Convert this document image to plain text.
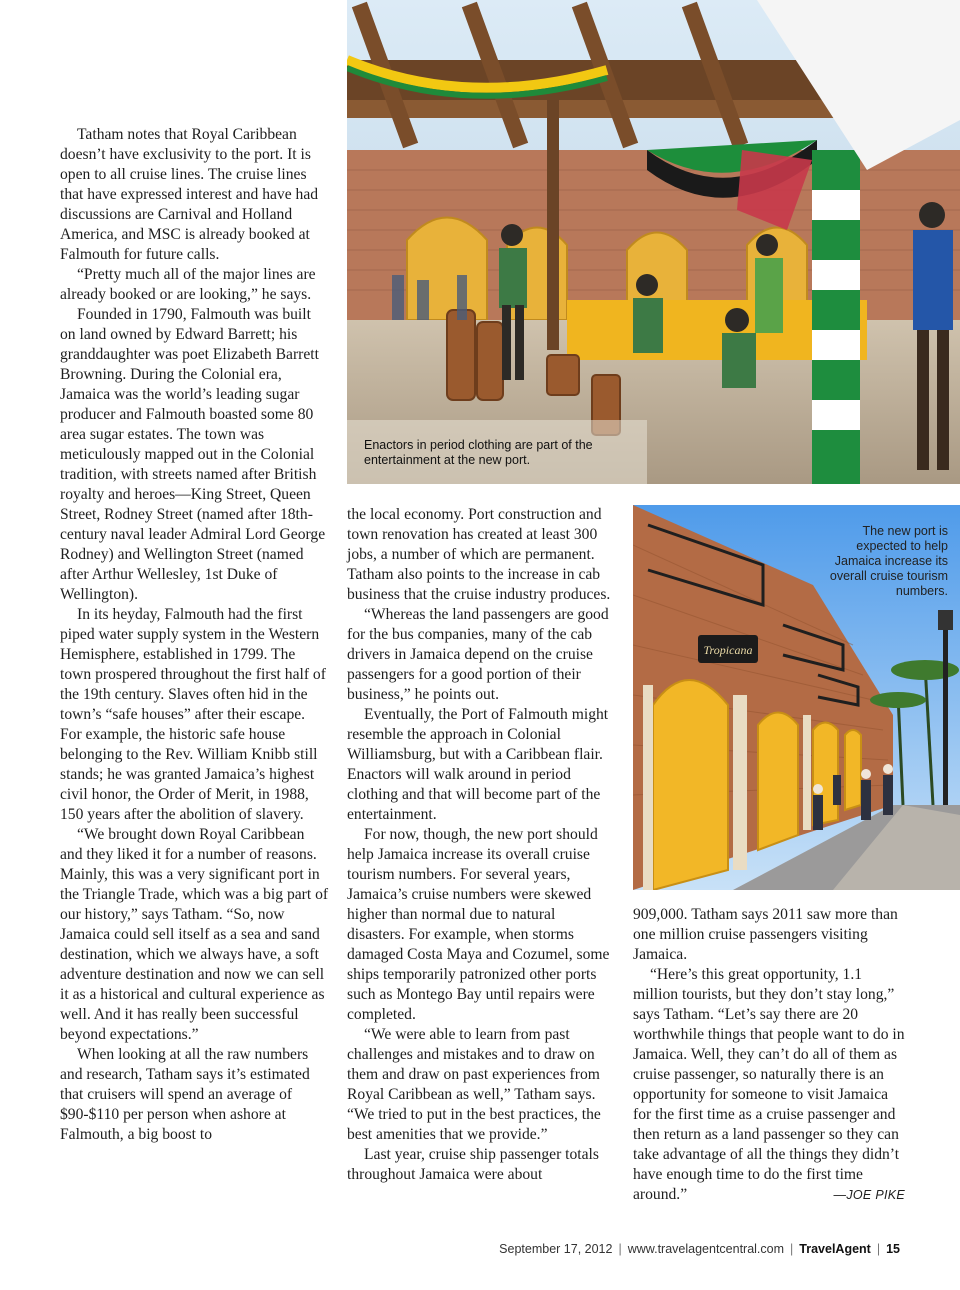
Enactors in period clothing are part of the entertainment at the new port.
Tropicana
The new port is expected to help Jamaica increase its overall cruise tourism numbers.

Tatham notes that Royal Caribbean doesn’t have exclusivity to the port. It is open to all cruise lines. The cruise lines that have expressed interest and have had discussions are Carnival and Holland America, and MSC is already booked at Falmouth for future calls.

“Pretty much all of the major lines are already booked or are looking,” he says.

Founded in 1790, Falmouth was built on land owned by Edward Barrett; his granddaughter was poet Elizabeth Barrett Browning. During the Colonial era, Jamaica was the world’s leading sugar producer and Falmouth boasted some 80 area sugar estates. The town was meticulously mapped out in the Colonial tradition, with streets named after British royalty and heroes—King Street, Queen Street, Rodney Street (named after 18th-century naval leader Admiral Lord George Rodney) and Wellington Street (named after Arthur Wellesley, 1st Duke of Wellington).

In its heyday, Falmouth had the first piped water supply system in the Western Hemisphere, established in 1799. The town prospered throughout the first half of the 19th century. Slaves often hid in the town’s “safe houses” after their escape. For example, the historic safe house belonging to the Rev. William Knibb still stands; he was granted Jamaica’s highest civil honor, the Order of Merit, in 1988, 150 years after the abolition of slavery.

“We brought down Royal Caribbean and they liked it for a number of reasons. Mainly, this was a very significant port in the Triangle Trade, which was a big part of our history,” says Tatham. “So, now Jamaica could sell itself as a sea and sand destination, which we always have, a soft adventure destination and now we can sell it as a historical and cultural experience as well. And it has really been successful beyond expectations.”

When looking at all the raw numbers and research, Tatham says it’s estimated that cruisers will spend an average of $90-$110 per person when ashore at Falmouth, a big boost to

the local economy. Port construction and town renovation has created at least 300 jobs, a number of which are permanent. Tatham also points to the increase in cab business that the cruise industry produces.

“Whereas the land passengers are good for the bus companies, many of the cab drivers in Jamaica depend on the cruise passengers for a good portion of their business,” he points out.

Eventually, the Port of Falmouth might resemble the approach in Colonial Williamsburg, but with a Caribbean flair. Enactors will walk around in period clothing and that will become part of the entertainment.

For now, though, the new port should help Jamaica increase its overall cruise tourism numbers. For several years, Jamaica’s cruise numbers were skewed higher than normal due to natural disasters. For example, when storms damaged Costa Maya and Cozumel, some ships temporarily patronized other ports such as Montego Bay until repairs were completed.

“We were able to learn from past challenges and mistakes and to draw on them and draw on past experiences from Royal Caribbean as well,” Tatham says. “We tried to put in the best practices, the best amenities that we provide.”

Last year, cruise ship passenger totals throughout Jamaica were about

909,000. Tatham says 2011 saw more than one million cruise passengers visiting Jamaica.

“Here’s this great opportunity, 1.1 million tourists, but they don’t stay long,” says Tatham. “Let’s say there are 20 worthwhile things that people want to do in Jamaica. Well, they can’t do all of them as cruise passenger, so naturally there is an opportunity for someone to visit Jamaica for the first time as a cruise passenger and then return as a land passenger so they can take advantage of all the things they didn’t have enough time to do the first time around.”	—JOE PIKE
September 17, 2012 | www.travelagentcentral.com | TravelAgent | 15
